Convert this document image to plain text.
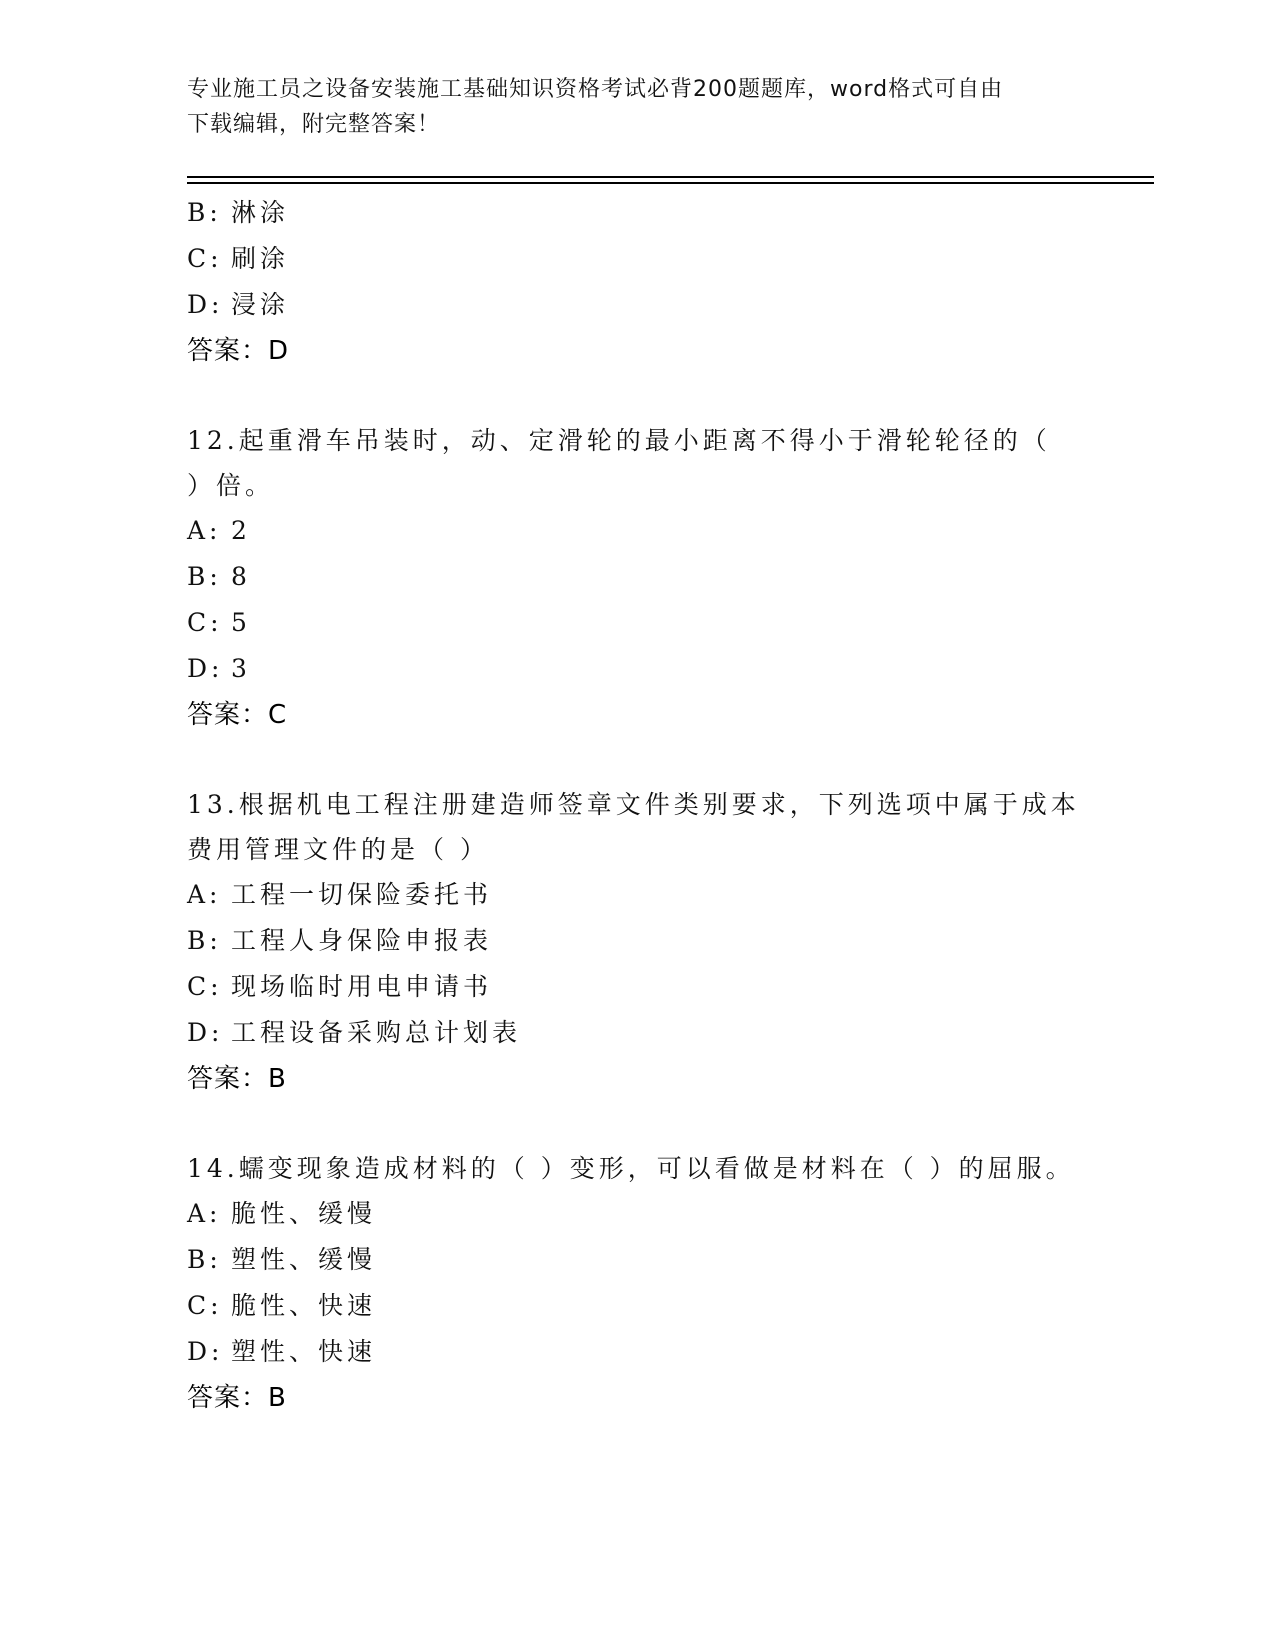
专业施工员之设备安装施工基础知识资格考试必背200题题库，word格式可自由
下载编辑，附完整答案！
B: 淋涂
C: 刷涂
D: 浸涂
答案：D
12.起重滑车吊装时，动、定滑轮的最小距离不得小于滑轮轮径的（
）倍。
A: 2
B: 8
C: 5
D: 3
答案：C
13.根据机电工程注册建造师签章文件类别要求，下列选项中属于成本
费用管理文件的是（ ）
A: 工程一切保险委托书
B: 工程人身保险申报表
C: 现场临时用电申请书
D: 工程设备采购总计划表
答案：B
14.蠕变现象造成材料的（ ）变形，可以看做是材料在（ ）的屈服。
A: 脆性、缓慢
B: 塑性、缓慢
C: 脆性、快速
D: 塑性、快速
答案：B
